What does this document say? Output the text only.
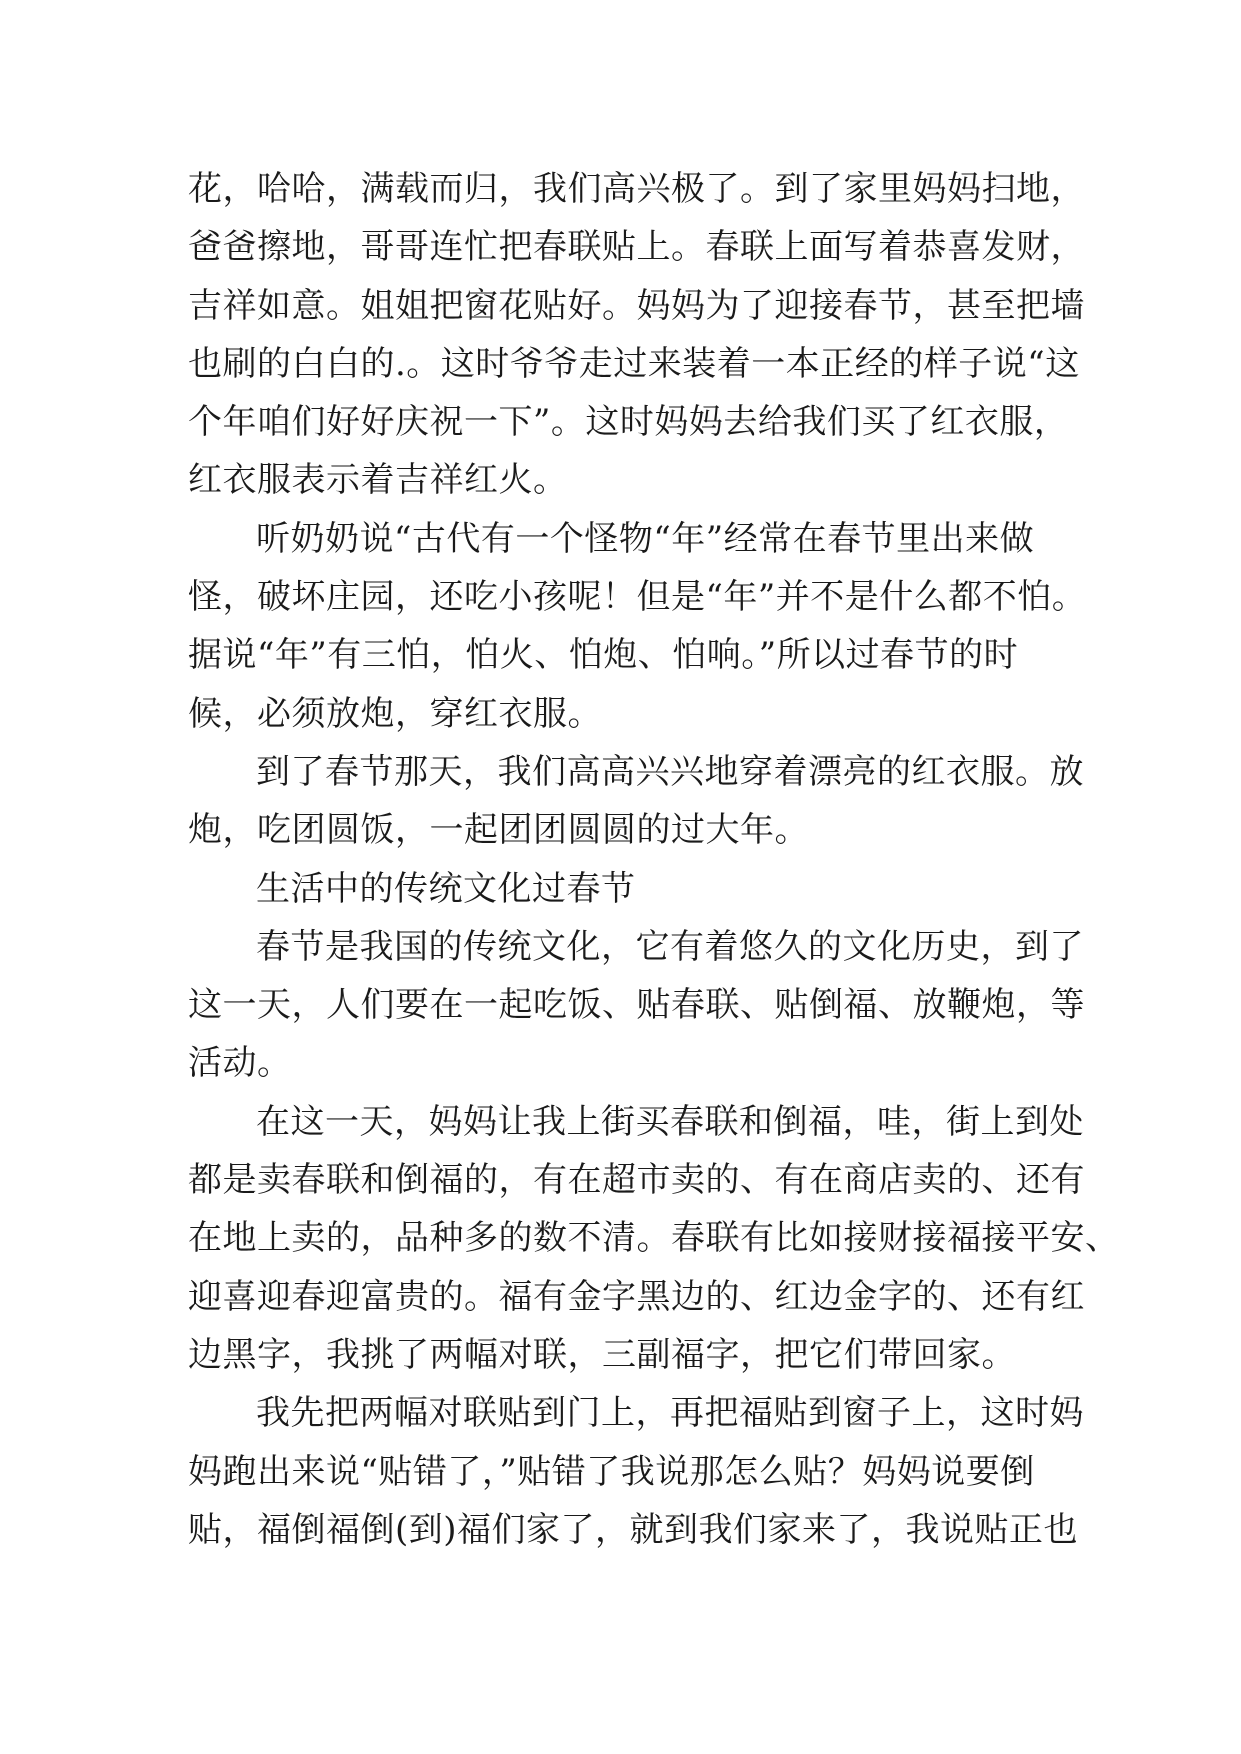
花，哈哈，满载而归，我们高兴极了。到了家里妈妈扫地，
爸爸擦地，哥哥连忙把春联贴上。春联上面写着恭喜发财，
吉祥如意。姐姐把窗花贴好。妈妈为了迎接春节，甚至把墙
也刷的白白的.。这时爷爷走过来装着一本正经的样子说“这
个年咱们好好庆祝一下”。这时妈妈去给我们买了红衣服，
红衣服表示着吉祥红火。
听奶奶说“古代有一个怪物“年”经常在春节里出来做
怪，破坏庄园，还吃小孩呢！但是“年”并不是什么都不怕。
据说“年”有三怕，怕火、怕炮、怕响。”所以过春节的时
候，必须放炮，穿红衣服。
到了春节那天，我们高高兴兴地穿着漂亮的红衣服。放
炮，吃团圆饭，一起团团圆圆的过大年。
生活中的传统文化过春节
春节是我国的传统文化，它有着悠久的文化历史，到了
这一天，人们要在一起吃饭、贴春联、贴倒福、放鞭炮，等
活动。
在这一天，妈妈让我上街买春联和倒福，哇，街上到处
都是卖春联和倒福的，有在超市卖的、有在商店卖的、还有
在地上卖的，品种多的数不清。春联有比如接财接福接平安、
迎喜迎春迎富贵的。福有金字黑边的、红边金字的、还有红
边黑字，我挑了两幅对联，三副福字，把它们带回家。
我先把两幅对联贴到门上，再把福贴到窗子上，这时妈
妈跑出来说“贴错了，”贴错了我说那怎么贴？妈妈说要倒
贴，福倒福倒(到)福们家了，就到我们家来了，我说贴正也
